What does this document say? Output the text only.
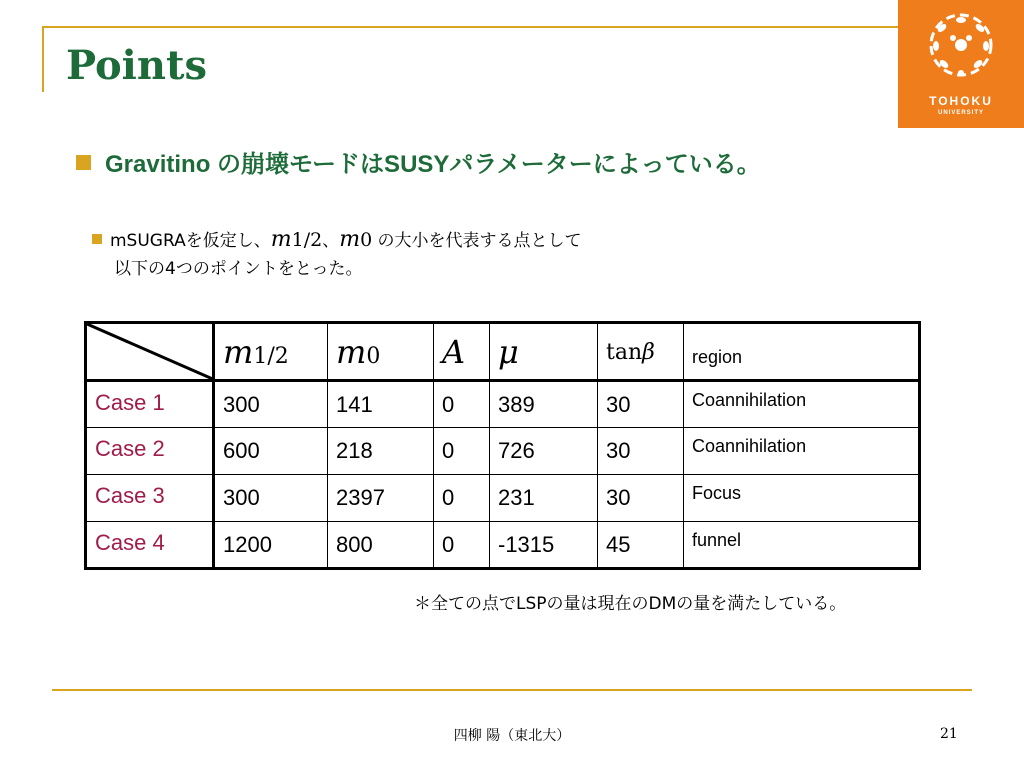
Points
TOHOKU
UNIVERSITY
Gravitino の崩壊モードはSUSYパラメーターによっている。
mSUGRAを仮定し、m1/2、m0 の大小を代表する点として
以下の4つのポイントをとった。
	m1/2	m0	A	μ	tanβ	region
Case 1	300	141	0	389	30	Coannihilation
Case 2	600	218	0	726	30	Coannihilation
Case 3	300	2397	0	231	30	Focus
Case 4	1200	800	0	-1315	45	funnel
＊全ての点でLSPの量は現在のDMの量を満たしている。
四柳 陽（東北大）	21
